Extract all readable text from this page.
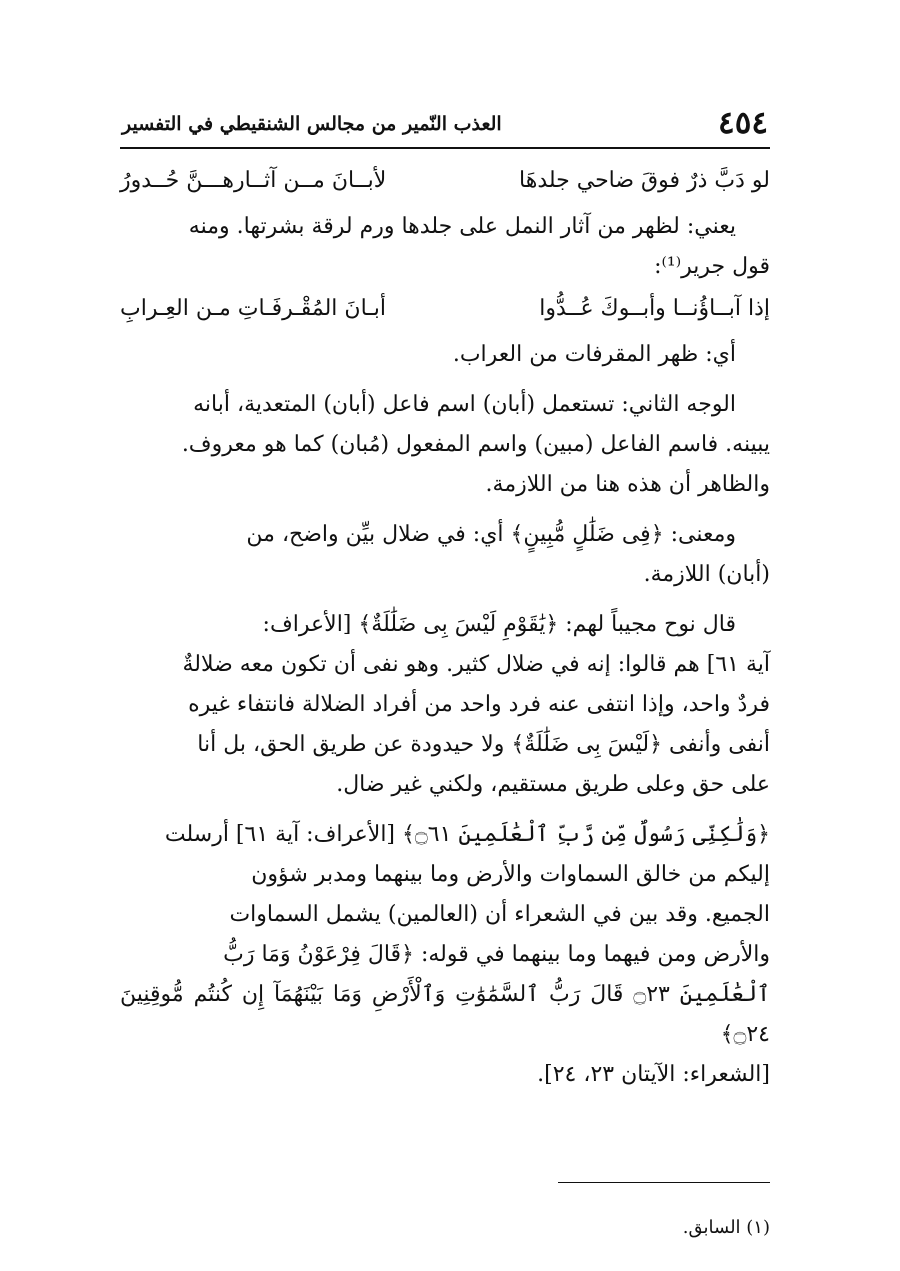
٤٥٤
العذب النّمير من مجالس الشنقيطي في التفسير
لو دَبَّ ذرٌ فوقَ ضاحي جلدهَا
لأبــانَ مــن آثــارهـــنَّ حُــدورُ

يعني: لظهر من آثار النمل على جلدها ورم لرقة بشرتها. ومنه

قول جرير⁽¹⁾:

إذا آبــاؤُنــا وأبــوكَ عُــدُّوا
أبـانَ المُقْـرفَـاتِ مـن العِـرابِ

أي: ظهر المقرفات من العراب.

الوجه الثاني: تستعمل (أبان) اسم فاعل (أبان) المتعدية، أبانه

يبينه. فاسم الفاعل (مبين) واسم المفعول (مُبان) كما هو معروف.

والظاهر أن هذه هنا من اللازمة.

ومعنى: ﴿فِى ضَلَٰلٍ مُّبِينٍ﴾ أي: في ضلال بيِّن واضح، من

(أبان) اللازمة.

قال نوح مجيباً لهم: ﴿يَٰقَوْمِ لَيْسَ بِى ضَلَٰلَةٌ﴾ [الأعراف:

آية ٦١] هم قالوا: إنه في ضلال كثير. وهو نفى أن تكون معه ضلالةٌ

فردٌ واحد، وإذا انتفى عنه فرد واحد من أفراد الضلالة فانتفاء غيره

أنفى وأنفى ﴿لَيْسَ بِى ضَلَٰلَةٌ﴾ ولا حيدودة عن طريق الحق، بل أنا

على حق وعلى طريق مستقيم، ولكني غير ضال.

﴿وَلَٰكِنِّى رَسُولٌ مِّن رَّبِّ ٱلْعَٰلَمِينَ ۝٦١﴾ [الأعراف: آية ٦١] أرسلت

إليكم من خالق السماوات والأرض وما بينهما ومدبر شؤون

الجميع. وقد بين في الشعراء أن (العالمين) يشمل السماوات

والأرض ومن فيهما وما بينهما في قوله: ﴿قَالَ فِرْعَوْنُ وَمَا رَبُّ

ٱلْعَٰلَمِينَ ۝٢٣ قَالَ رَبُّ ٱلسَّمَٰوَٰتِ وَٱلْأَرْضِ وَمَا بَيْنَهُمَآ إِن كُنتُم مُّوقِنِينَ ۝٢٤﴾

[الشعراء: الآيتان ٢٣، ٢٤].

(١) السابق.
